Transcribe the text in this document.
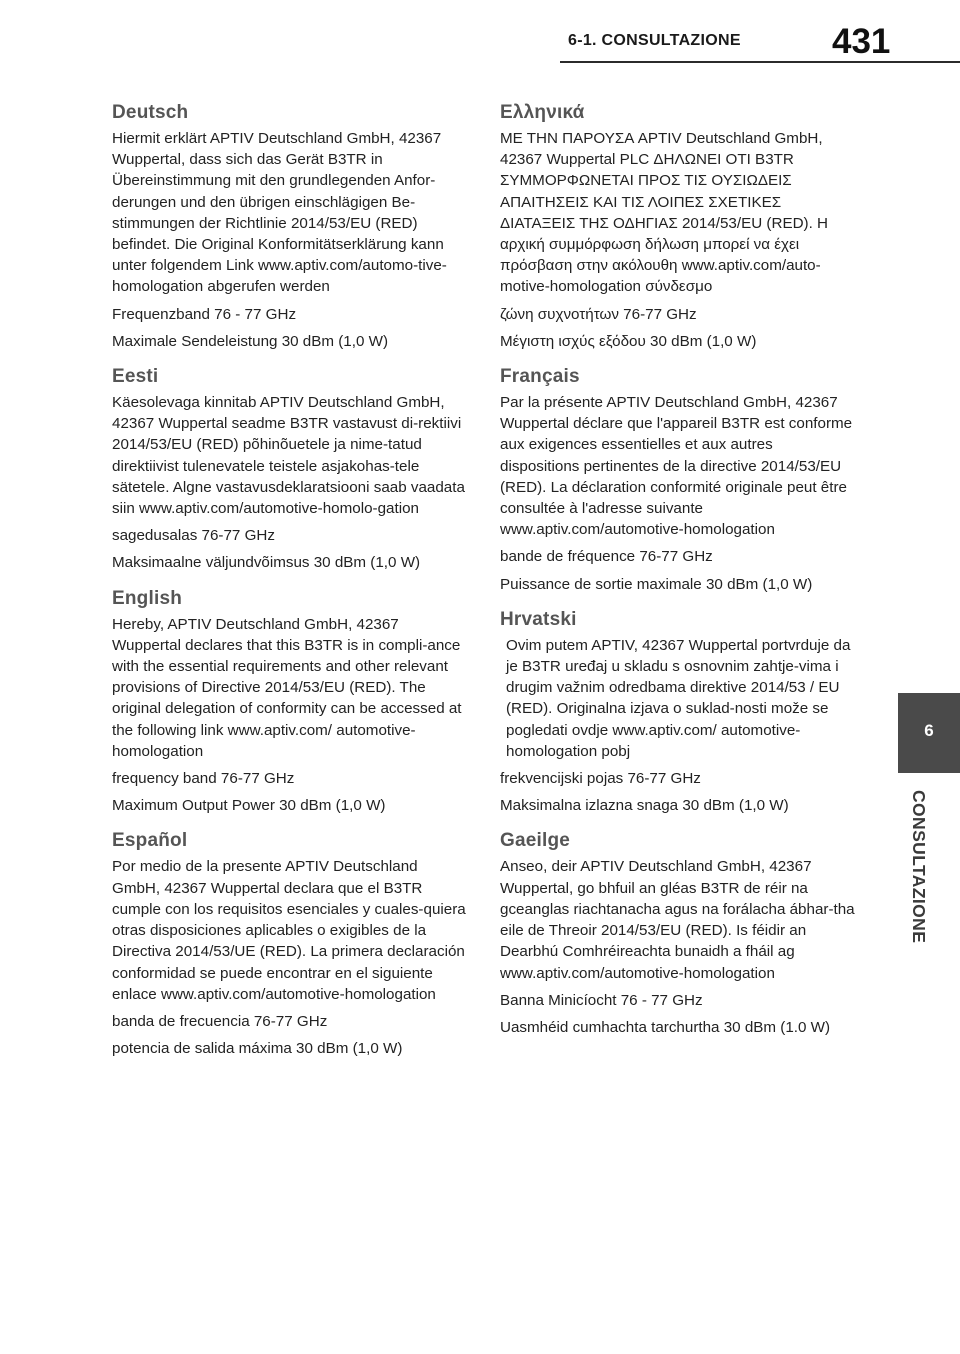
6-1. CONSULTAZIONE	431
6
CONSULTAZIONE
Deutsch

Hiermit erklärt APTIV Deutschland GmbH, 42367 Wuppertal, dass sich das Gerät B3TR in Übereinstimmung mit den grundlegenden Anfor-derungen und den übrigen einschlägigen Be-stimmungen der Richtlinie 2014/53/EU (RED) befindet. Die Original Konformitätserklärung kann unter folgendem Link www.aptiv.com/automo-tive-homologation abgerufen werden

Frequenzband 76 - 77 GHz

Maximale Sendeleistung 30 dBm (1,0 W)

Eesti

Käesolevaga kinnitab APTIV Deutschland GmbH, 42367 Wuppertal seadme B3TR vastavust di-rektiivi 2014/53/EU (RED) põhinõuetele ja nime-tatud direktiivist tulenevatele teistele asjakohas-tele sätetele. Algne vastavusdeklaratsiooni saab vaadata siin www.aptiv.com/automotive-homolo-gation

sagedusalas 76-77 GHz

Maksimaalne väljundvõimsus 30 dBm (1,0 W)

English

Hereby, APTIV Deutschland GmbH, 42367 Wuppertal declares that this B3TR is in compli-ance with the essential requirements and other relevant provisions of Directive 2014/53/EU (RED). The original delegation of conformity can be accessed at the following link www.aptiv.com/ automotive-homologation

frequency band 76-77 GHz

Maximum Output Power 30 dBm (1,0 W)

Español

Por medio de la presente APTIV Deutschland GmbH, 42367 Wuppertal declara que el B3TR cumple con los requisitos esenciales y cuales-quiera otras disposiciones aplicables o exigibles de la Directiva 2014/53/UE (RED). La primera declaración conformidad se puede encontrar en el siguiente enlace www.aptiv.com/automotive-homologation

banda de frecuencia 76-77 GHz

potencia de salida máxima 30 dBm (1,0 W)

Ελληνικά

ΜΕ ΤΗΝ ΠΑΡΟΥΣΑ APTIV Deutschland GmbH, 42367 Wuppertal PLC ΔΗΛΩΝΕΙ ΟΤΙ B3TR ΣΥΜΜΟΡΦΩΝΕΤΑΙ ΠΡΟΣ ΤΙΣ ΟΥΣΙΩΔΕΙΣ ΑΠΑΙΤΗΣΕΙΣ ΚΑΙ ΤΙΣ ΛΟΙΠΕΣ ΣΧΕΤΙΚΕΣ ΔΙΑΤΑΞΕΙΣ ΤΗΣ ΟΔΗΓΙΑΣ 2014/53/EU (RED). Η αρχική συμμόρφωση δήλωση μπορεί να έχει πρόσβαση στην ακόλουθη www.aptiv.com/auto-motive-homologation σύνδεσμο

ζώνη συχνοτήτων 76-77 GHz

Μέγιστη ισχύς εξόδου 30 dBm (1,0 W)

Français

Par la présente APTIV Deutschland GmbH, 42367 Wuppertal déclare que l'appareil B3TR est conforme aux exigences essentielles et aux autres dispositions pertinentes de la directive 2014/53/EU (RED). La déclaration conformité originale peut être consultée à l'adresse suivante www.aptiv.com/automotive-homologation

bande de fréquence 76-77 GHz

Puissance de sortie maximale 30 dBm (1,0 W)

Hrvatski

Ovim putem APTIV, 42367 Wuppertal portvrduje da je B3TR uređaj u skladu s osnovnim zahtje-vima i drugim važnim odredbama direktive 2014/53 / EU (RED). Originalna izjava o suklad-nosti može se pogledati ovdje www.aptiv.com/ automotive-homologation pobj

frekvencijski pojas 76-77 GHz

Maksimalna izlazna snaga 30 dBm (1,0 W)

Gaeilge

Anseo, deir APTIV Deutschland GmbH, 42367 Wuppertal, go bhfuil an gléas B3TR de réir na gceanglas riachtanacha agus na forálacha ábhar-tha eile de Threoir 2014/53/EU (RED). Is féidir an Dearbhú Comhréireachta bunaidh a fháil ag www.aptiv.com/automotive-homologation

Banna Minicíocht 76 - 77 GHz

Uasmhéid cumhachta tarchurtha 30 dBm (1.0 W)
